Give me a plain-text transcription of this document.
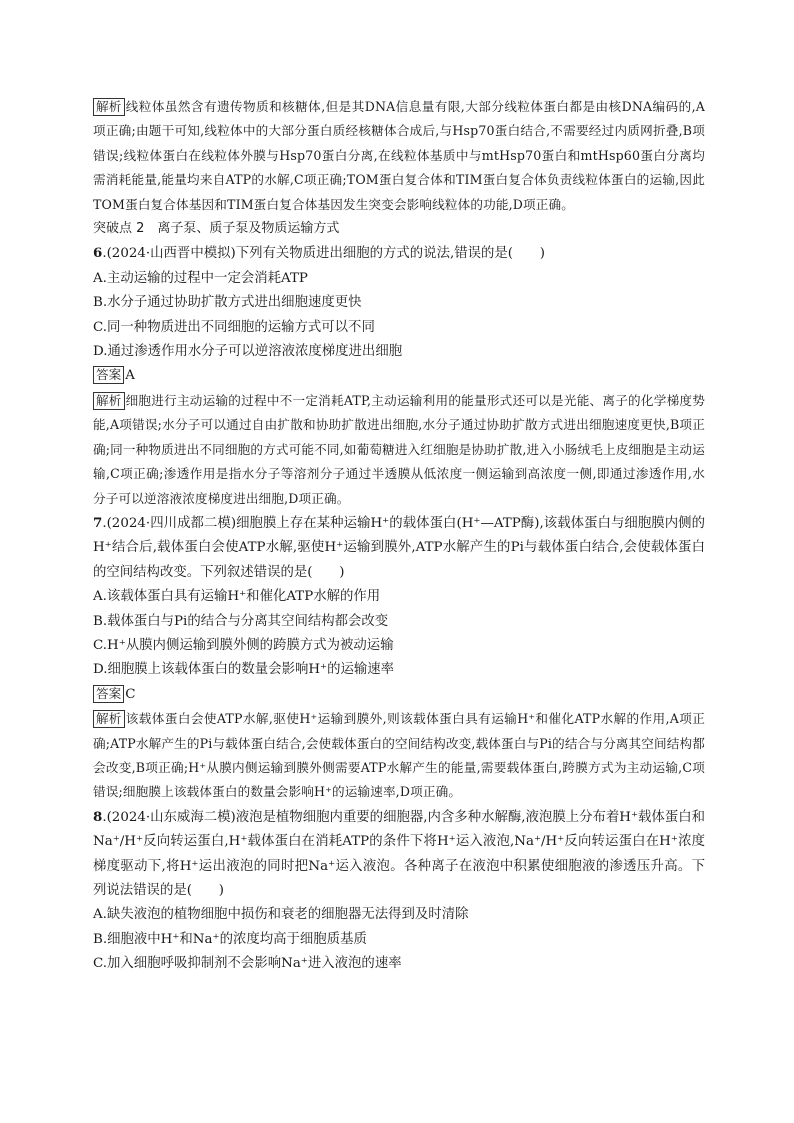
解析 线粒体虽然含有遗传物质和核糖体,但是其DNA信息量有限,大部分线粒体蛋白都是由核DNA编码的,A项正确;由题干可知,线粒体中的大部分蛋白质经核糖体合成后,与Hsp70蛋白结合,不需要经过内质网折叠,B项错误;线粒体蛋白在线粒体外膜与Hsp70蛋白分离,在线粒体基质中与mtHsp70蛋白和mtHsp60蛋白分离均需消耗能量,能量均来自ATP的水解,C项正确;TOM蛋白复合体和TIM蛋白复合体负责线粒体蛋白的运输,因此TOM蛋白复合体基因和TIM蛋白复合体基因发生突变会影响线粒体的功能,D项正确。

突破点 2　离子泵、质子泵及物质运输方式

6.(2024·山西晋中模拟)下列有关物质进出细胞的方式的说法,错误的是(　　)

A.主动运输的过程中一定会消耗ATP

B.水分子通过协助扩散方式进出细胞速度更快

C.同一种物质进出不同细胞的运输方式可以不同

D.通过渗透作用水分子可以逆溶液浓度梯度进出细胞

答案 A

解析 细胞进行主动运输的过程中不一定消耗ATP,主动运输利用的能量形式还可以是光能、离子的化学梯度势能,A项错误;水分子可以通过自由扩散和协助扩散进出细胞,水分子通过协助扩散方式进出细胞速度更快,B项正确;同一种物质进出不同细胞的方式可能不同,如葡萄糖进入红细胞是协助扩散,进入小肠绒毛上皮细胞是主动运输,C项正确;渗透作用是指水分子等溶剂分子通过半透膜从低浓度一侧运输到高浓度一侧,即通过渗透作用,水分子可以逆溶液浓度梯度进出细胞,D项正确。

7.(2024·四川成都二模)细胞膜上存在某种运输H⁺的载体蛋白(H⁺—ATP酶),该载体蛋白与细胞膜内侧的H⁺结合后,载体蛋白会使ATP水解,驱使H⁺运输到膜外,ATP水解产生的Pi与载体蛋白结合,会使载体蛋白的空间结构改变。下列叙述错误的是(　　)

A.该载体蛋白具有运输H⁺和催化ATP水解的作用

B.载体蛋白与Pi的结合与分离其空间结构都会改变

C.H⁺从膜内侧运输到膜外侧的跨膜方式为被动运输

D.细胞膜上该载体蛋白的数量会影响H⁺的运输速率

答案 C

解析 该载体蛋白会使ATP水解,驱使H⁺运输到膜外,则该载体蛋白具有运输H⁺和催化ATP水解的作用,A项正确;ATP水解产生的Pi与载体蛋白结合,会使载体蛋白的空间结构改变,载体蛋白与Pi的结合与分离其空间结构都会改变,B项正确;H⁺从膜内侧运输到膜外侧需要ATP水解产生的能量,需要载体蛋白,跨膜方式为主动运输,C项错误;细胞膜上该载体蛋白的数量会影响H⁺的运输速率,D项正确。

8.(2024·山东威海二模)液泡是植物细胞内重要的细胞器,内含多种水解酶,液泡膜上分布着H⁺载体蛋白和Na⁺/H⁺反向转运蛋白,H⁺载体蛋白在消耗ATP的条件下将H⁺运入液泡,Na⁺/H⁺反向转运蛋白在H⁺浓度梯度驱动下,将H⁺运出液泡的同时把Na⁺运入液泡。各种离子在液泡中积累使细胞液的渗透压升高。下列说法错误的是(　　)

A.缺失液泡的植物细胞中损伤和衰老的细胞器无法得到及时清除

B.细胞液中H⁺和Na⁺的浓度均高于细胞质基质

C.加入细胞呼吸抑制剂不会影响Na⁺进入液泡的速率
